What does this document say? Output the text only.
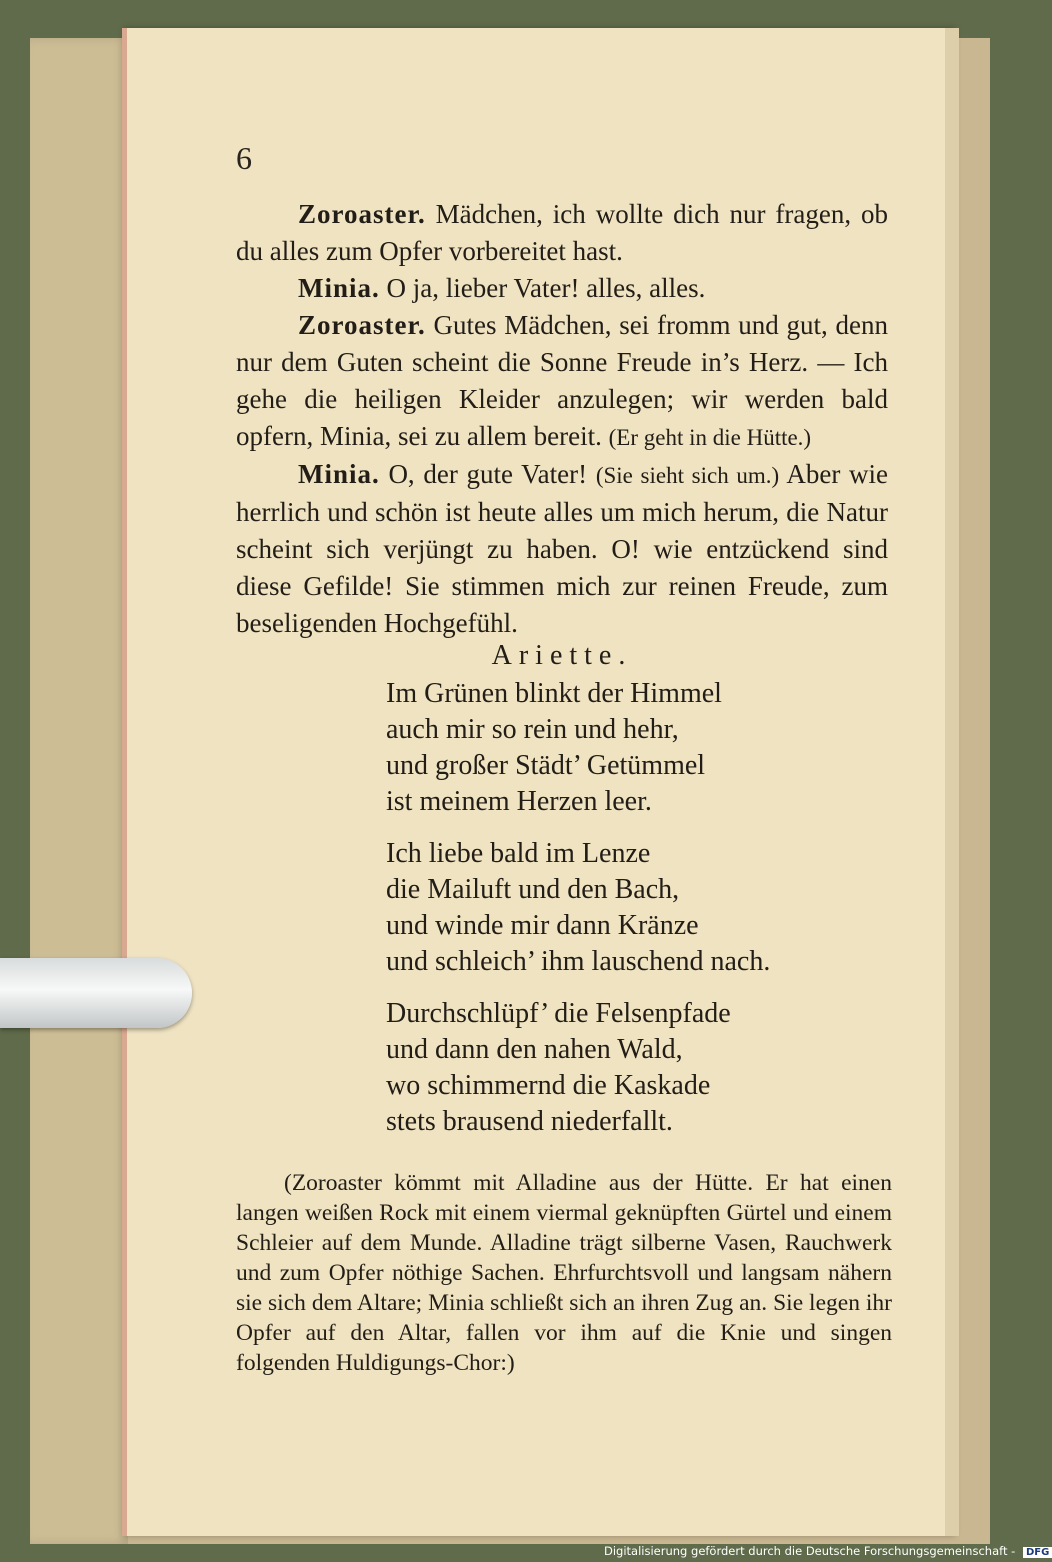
6

Zoroaster. Mädchen, ich wollte dich nur fragen, ob du alles zum Opfer vorbereitet hast.

Minia. O ja, lieber Vater! alles, alles.

Zoroaster. Gutes Mädchen, sei fromm und gut, denn nur dem Guten scheint die Sonne Freude in’s Herz. — Ich gehe die heiligen Kleider anzulegen; wir werden bald opfern, Minia, sei zu allem bereit. (Er geht in die Hütte.)

Minia. O, der gute Vater! (Sie sieht sich um.) Aber wie herrlich und schön ist heute alles um mich herum, die Natur scheint sich verjüngt zu haben. O! wie entzückend sind diese Gefilde! Sie stimmen mich zur reinen Freude, zum beseligenden Hochgefühl.

Ariette.
Im Grünen blinkt der Himmel
auch mir so rein und hehr,
und großer Städt’ Getümmel
ist meinem Herzen leer.
Ich liebe bald im Lenze
die Mailuft und den Bach,
und winde mir dann Kränze
und schleich’ ihm lauschend nach.
Durchschlüpf’ die Felsenpfade
und dann den nahen Wald,
wo schimmernd die Kaskade
stets brausend niederfallt.

(Zoroaster kömmt mit Alladine aus der Hütte. Er hat einen langen weißen Rock mit einem viermal geknüpften Gürtel und einem Schleier auf dem Munde. Alladine trägt silberne Vasen, Rauchwerk und zum Opfer nöthige Sachen. Ehrfurchtsvoll und langsam nähern sie sich dem Altare; Minia schließt sich an ihren Zug an. Sie legen ihr Opfer auf den Altar, fallen vor ihm auf die Knie und singen folgenden Huldigungs-Chor:)

Digitalisierung gefördert durch die Deutsche Forschungsgemeinschaft - DFG
